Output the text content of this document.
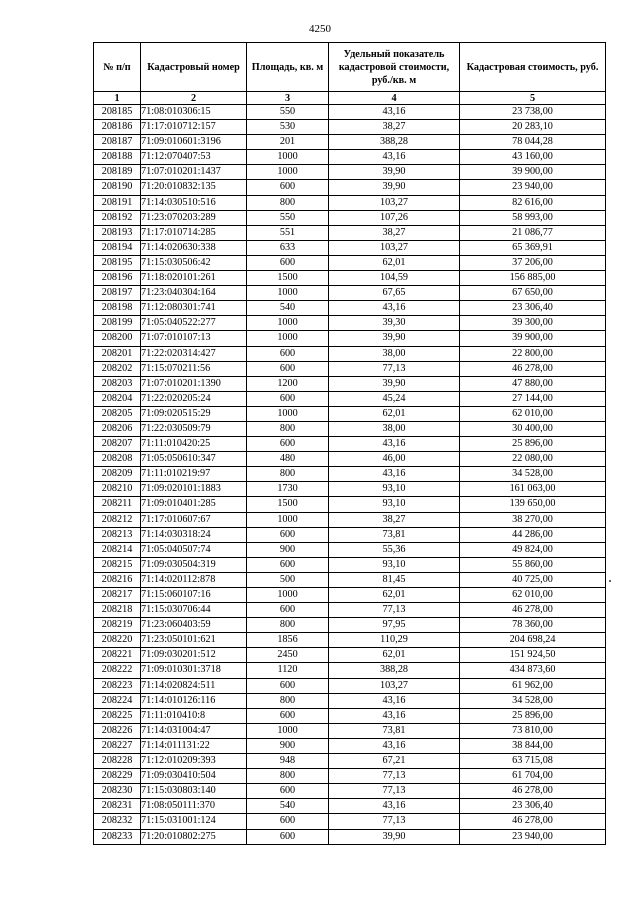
4250
№ п/п	Кадастровый номер	Площадь, кв. м	Удельный показатель кадастровой стоимости, руб./кв. м	Кадастровая стоимость, руб.
1	2	3	4	5
208185	71:08:010306:15	550	43,16	23 738,00
208186	71:17:010712:157	530	38,27	20 283,10
208187	71:09:010601:3196	201	388,28	78 044,28
208188	71:12:070407:53	1000	43,16	43 160,00
208189	71:07:010201:1437	1000	39,90	39 900,00
208190	71:20:010832:135	600	39,90	23 940,00
208191	71:14:030510:516	800	103,27	82 616,00
208192	71:23:070203:289	550	107,26	58 993,00
208193	71:17:010714:285	551	38,27	21 086,77
208194	71:14:020630:338	633	103,27	65 369,91
208195	71:15:030506:42	600	62,01	37 206,00
208196	71:18:020101:261	1500	104,59	156 885,00
208197	71:23:040304:164	1000	67,65	67 650,00
208198	71:12:080301:741	540	43,16	23 306,40
208199	71:05:040522:277	1000	39,30	39 300,00
208200	71:07:010107:13	1000	39,90	39 900,00
208201	71:22:020314:427	600	38,00	22 800,00
208202	71:15:070211:56	600	77,13	46 278,00
208203	71:07:010201:1390	1200	39,90	47 880,00
208204	71:22:020205:24	600	45,24	27 144,00
208205	71:09:020515:29	1000	62,01	62 010,00
208206	71:22:030509:79	800	38,00	30 400,00
208207	71:11:010420:25	600	43,16	25 896,00
208208	71:05:050610:347	480	46,00	22 080,00
208209	71:11:010219:97	800	43,16	34 528,00
208210	71:09:020101:1883	1730	93,10	161 063,00
208211	71:09:010401:285	1500	93,10	139 650,00
208212	71:17:010607:67	1000	38,27	38 270,00
208213	71:14:030318:24	600	73,81	44 286,00
208214	71:05:040507:74	900	55,36	49 824,00
208215	71:09:030504:319	600	93,10	55 860,00
208216	71:14:020112:878	500	81,45	40 725,00
208217	71:15:060107:16	1000	62,01	62 010,00
208218	71:15:030706:44	600	77,13	46 278,00
208219	71:23:060403:59	800	97,95	78 360,00
208220	71:23:050101:621	1856	110,29	204 698,24
208221	71:09:030201:512	2450	62,01	151 924,50
208222	71:09:010301:3718	1120	388,28	434 873,60
208223	71:14:020824:511	600	103,27	61 962,00
208224	71:14:010126:116	800	43,16	34 528,00
208225	71:11:010410:8	600	43,16	25 896,00
208226	71:14:031004:47	1000	73,81	73 810,00
208227	71:14:011131:22	900	43,16	38 844,00
208228	71:12:010209:393	948	67,21	63 715,08
208229	71:09:030410:504	800	77,13	61 704,00
208230	71:15:030803:140	600	77,13	46 278,00
208231	71:08:050111:370	540	43,16	23 306,40
208232	71:15:031001:124	600	77,13	46 278,00
208233	71:20:010802:275	600	39,90	23 940,00
